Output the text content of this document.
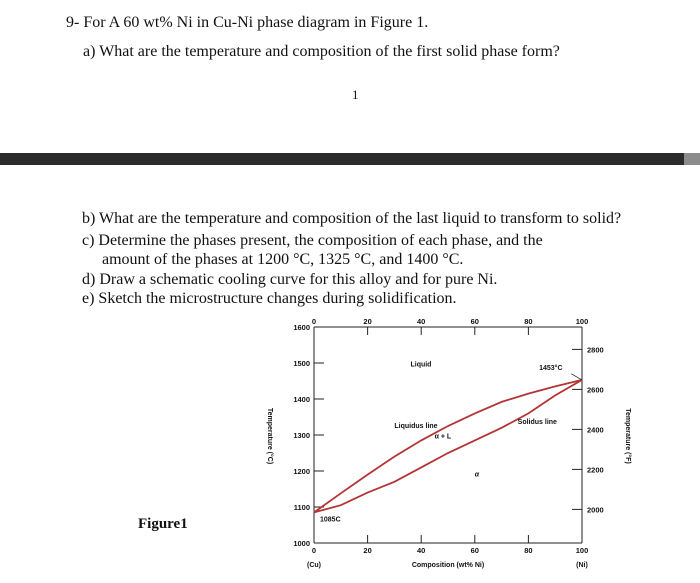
9- For A 60 wt% Ni in Cu-Ni phase diagram in Figure 1.
a) What are the temperature and composition of the first solid phase form?
1
b) What are the temperature and composition of the last liquid to transform to solid?
c) Determine the phases present, the composition of each phase, and the
amount of the phases at 1200 °C, 1325 °C, and 1400 °C.
d) Draw a schematic cooling curve for this alloy and for pure Ni.
e) Sketch the microstructure changes during solidification.
Figure1
1000
1100
1200
1300
1400
1500
1600
0
0
20
20
40
40
60
60
80
80
100
100
2000
2200
2400
2600
2800
Liquid
Liquidus line
α + L
α
Solidus line
1453°C
1085C
Composition (wt% Ni)
(Cu)	(Ni)
Temperature (°C)	Temperature (°F)
